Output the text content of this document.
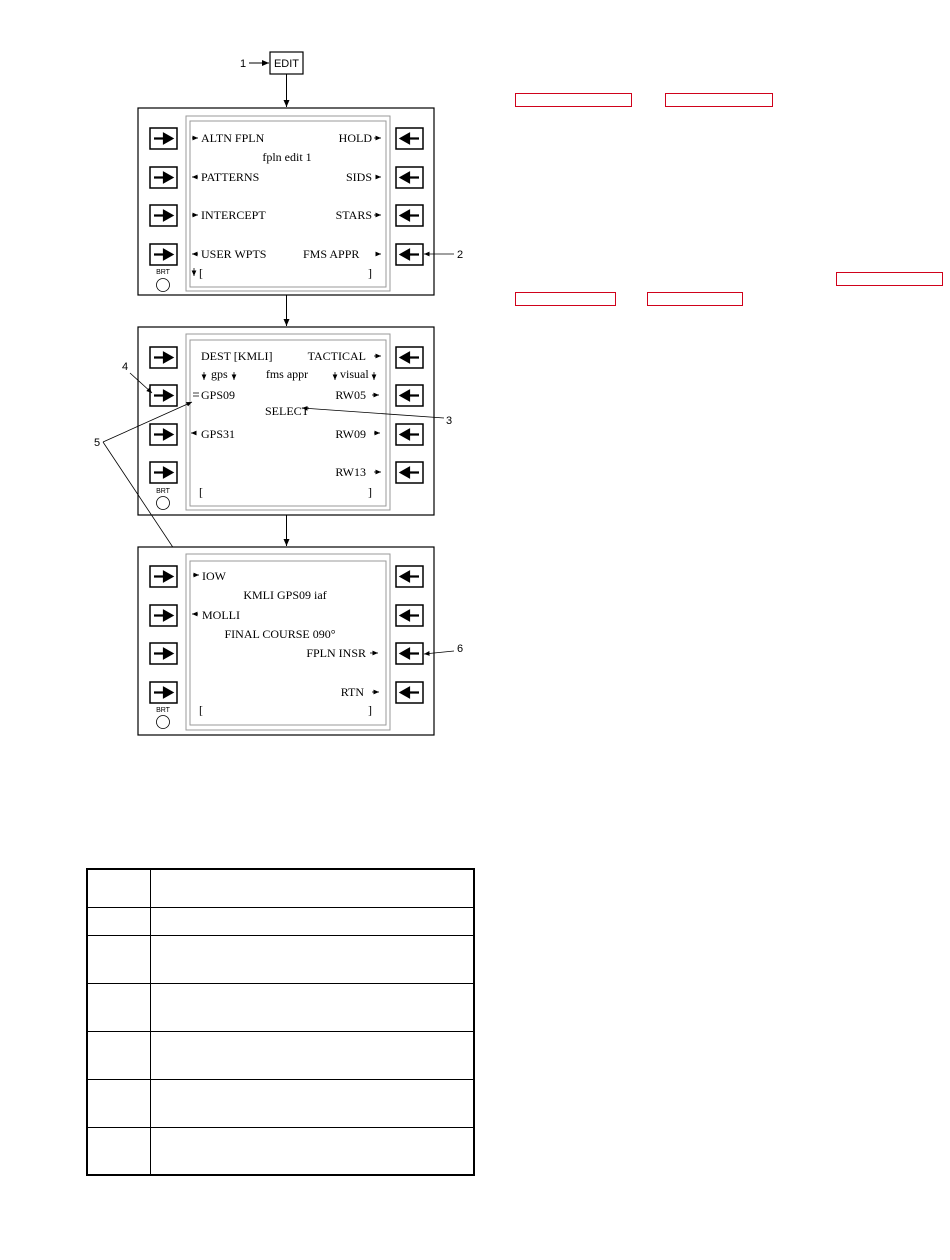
1	EDIT
BRT
ALTN FPLN	HOLD
fpln edit 1
PATTERNS	SIDS
INTERCEPT	STARS
USER WPTS	FMS APPR
[	]
2
BRT
DEST [KMLI]	TACTICAL
gps	fms appr	visual
GPS09
SELECT
RW05
GPS31	RW09
RW13
[	]
3
4
5
BRT
IOW
KMLI GPS09 iaf
MOLLI
FINAL COURSE 090°
FPLN INSR
RTN
[	]
6
